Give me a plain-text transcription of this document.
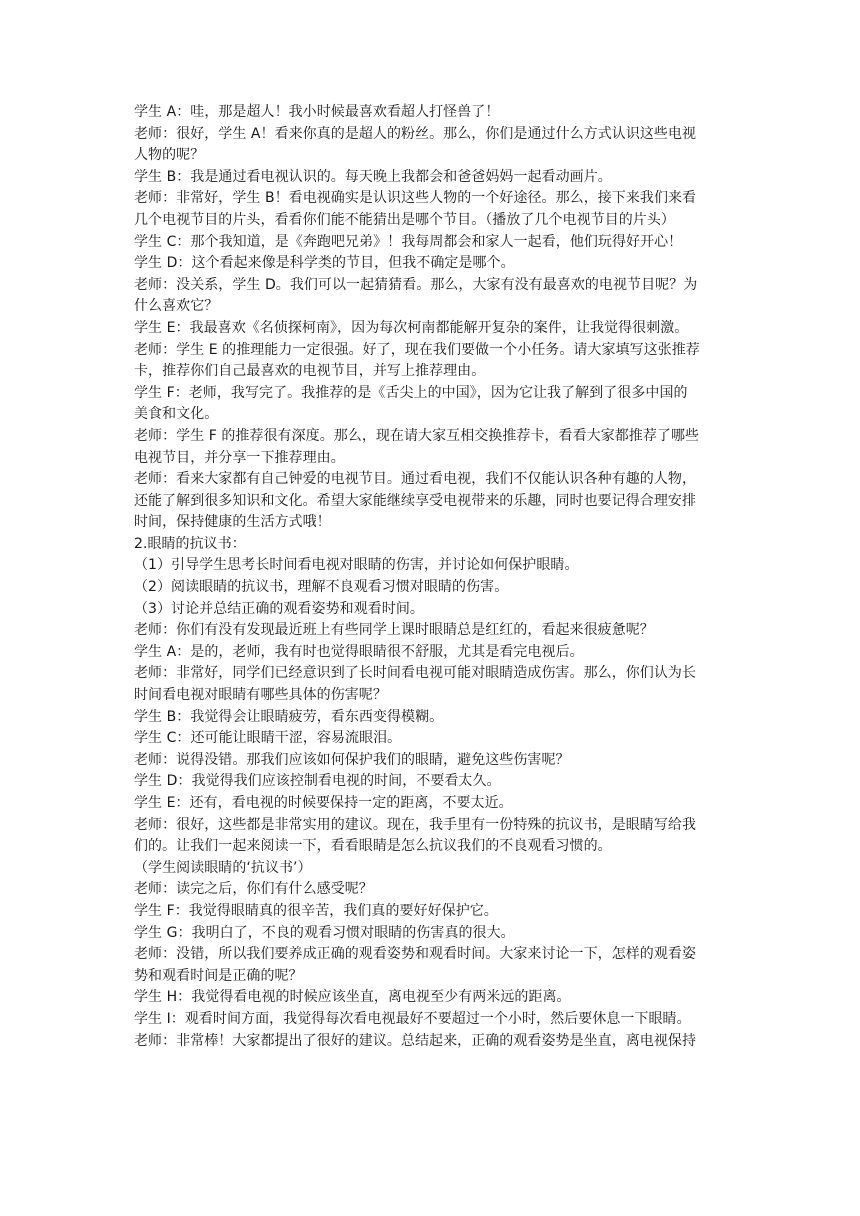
学生 A：哇，那是超人！我小时候最喜欢看超人打怪兽了！
老师：很好，学生 A！看来你真的是超人的粉丝。那么，你们是通过什么方式认识这些电视
人物的呢？
学生 B：我是通过看电视认识的。每天晚上我都会和爸爸妈妈一起看动画片。
老师：非常好，学生 B！看电视确实是认识这些人物的一个好途径。那么，接下来我们来看
几个电视节目的片头，看看你们能不能猜出是哪个节目。（播放了几个电视节目的片头）
学生 C：那个我知道，是《奔跑吧兄弟》！我每周都会和家人一起看，他们玩得好开心！
学生 D：这个看起来像是科学类的节目，但我不确定是哪个。
老师：没关系，学生 D。我们可以一起猜猜看。那么，大家有没有最喜欢的电视节目呢？为
什么喜欢它？
学生 E：我最喜欢《名侦探柯南》，因为每次柯南都能解开复杂的案件，让我觉得很刺激。
老师：学生 E 的推理能力一定很强。好了，现在我们要做一个小任务。请大家填写这张推荐
卡，推荐你们自己最喜欢的电视节目，并写上推荐理由。
学生 F：老师，我写完了。我推荐的是《舌尖上的中国》，因为它让我了解到了很多中国的
美食和文化。
老师：学生 F 的推荐很有深度。那么，现在请大家互相交换推荐卡，看看大家都推荐了哪些
电视节目，并分享一下推荐理由。
老师：看来大家都有自己钟爱的电视节目。通过看电视，我们不仅能认识各种有趣的人物，
还能了解到很多知识和文化。希望大家能继续享受电视带来的乐趣，同时也要记得合理安排
时间，保持健康的生活方式哦！
2.眼睛的抗议书：
（1）引导学生思考长时间看电视对眼睛的伤害，并讨论如何保护眼睛。
（2）阅读眼睛的抗议书，理解不良观看习惯对眼睛的伤害。
（3）讨论并总结正确的观看姿势和观看时间。
老师：你们有没有发现最近班上有些同学上课时眼睛总是红红的，看起来很疲惫呢？
学生 A：是的，老师，我有时也觉得眼睛很不舒服，尤其是看完电视后。
老师：非常好，同学们已经意识到了长时间看电视可能对眼睛造成伤害。那么，你们认为长
时间看电视对眼睛有哪些具体的伤害呢？
学生 B：我觉得会让眼睛疲劳，看东西变得模糊。
学生 C：还可能让眼睛干涩，容易流眼泪。
老师：说得没错。那我们应该如何保护我们的眼睛，避免这些伤害呢？
学生 D：我觉得我们应该控制看电视的时间，不要看太久。
学生 E：还有，看电视的时候要保持一定的距离，不要太近。
老师：很好，这些都是非常实用的建议。现在，我手里有一份特殊的抗议书，是眼睛写给我
们的。让我们一起来阅读一下，看看眼睛是怎么抗议我们的不良观看习惯的。
（学生阅读眼睛的‘抗议书’）
老师：读完之后，你们有什么感受呢？
学生 F：我觉得眼睛真的很辛苦，我们真的要好好保护它。
学生 G：我明白了，不良的观看习惯对眼睛的伤害真的很大。
老师：没错，所以我们要养成正确的观看姿势和观看时间。大家来讨论一下，怎样的观看姿
势和观看时间是正确的呢？
学生 H：我觉得看电视的时候应该坐直，离电视至少有两米远的距离。
学生 I：观看时间方面，我觉得每次看电视最好不要超过一个小时，然后要休息一下眼睛。
老师：非常棒！大家都提出了很好的建议。总结起来，正确的观看姿势是坐直，离电视保持
